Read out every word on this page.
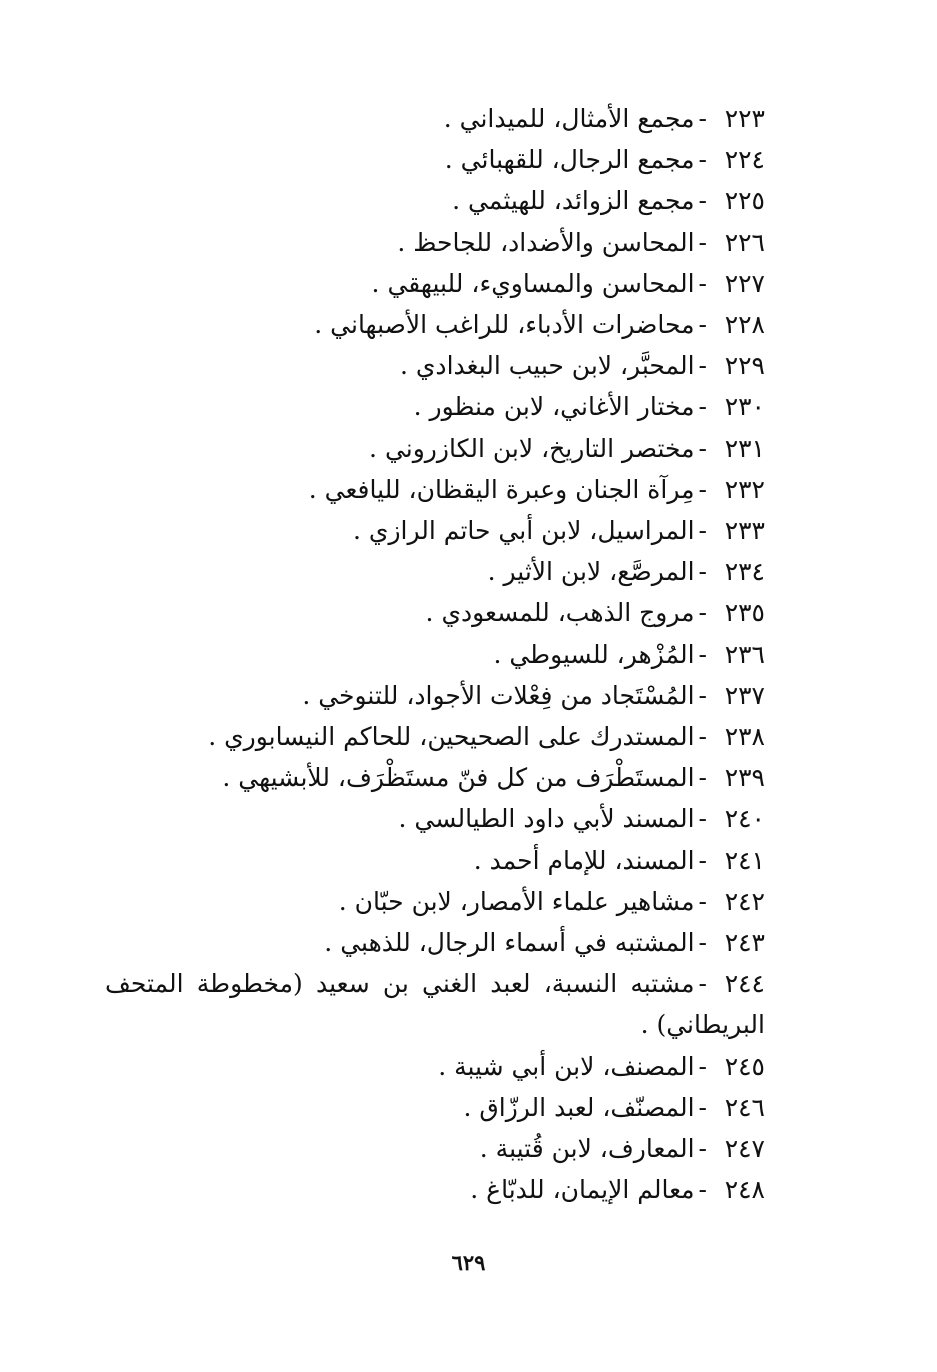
٢٢٣-مجمع الأمثال، للميداني .
٢٢٤-مجمع الرجال، للقهبائي .
٢٢٥-مجمع الزوائد، للهيثمي .
٢٢٦-المحاسن والأضداد، للجاحظ .
٢٢٧-المحاسن والمساويء، للبيهقي .
٢٢٨-محاضرات الأدباء، للراغب الأصبهاني .
٢٢٩-المحبَّر، لابن حبيب البغدادي .
٢٣٠-مختار الأغاني، لابن منظور .
٢٣١-مختصر التاريخ، لابن الكازروني .
٢٣٢-مِرآة الجنان وعبرة اليقظان، لليافعي .
٢٣٣-المراسيل، لابن أبي حاتم الرازي .
٢٣٤-المرصَّع، لابن الأثير .
٢٣٥-مروج الذهب، للمسعودي .
٢٣٦-المُزْهر، للسيوطي .
٢٣٧-المُسْتَجاد من فِعْلات الأجواد، للتنوخي .
٢٣٨-المستدرك على الصحيحين، للحاكم النيسابوري .
٢٣٩-المستَطْرَف من كل فنّ مستَظْرَف، للأبشيهي .
٢٤٠-المسند لأبي داود الطيالسي .
٢٤١-المسند، للإمام أحمد .
٢٤٢-مشاهير علماء الأمصار، لابن حبّان .
٢٤٣-المشتبه في أسماء الرجال، للذهبي .
٢٤٤-مشتبه النسبة، لعبد الغني بن سعيد (مخطوطة المتحف البريطاني) .
٢٤٥-المصنف، لابن أبي شيبة .
٢٤٦-المصنّف، لعبد الرزّاق .
٢٤٧-المعارف، لابن قُتيبة .
٢٤٨-معالم الإيمان، للدبّاغ .
٦٢٩
